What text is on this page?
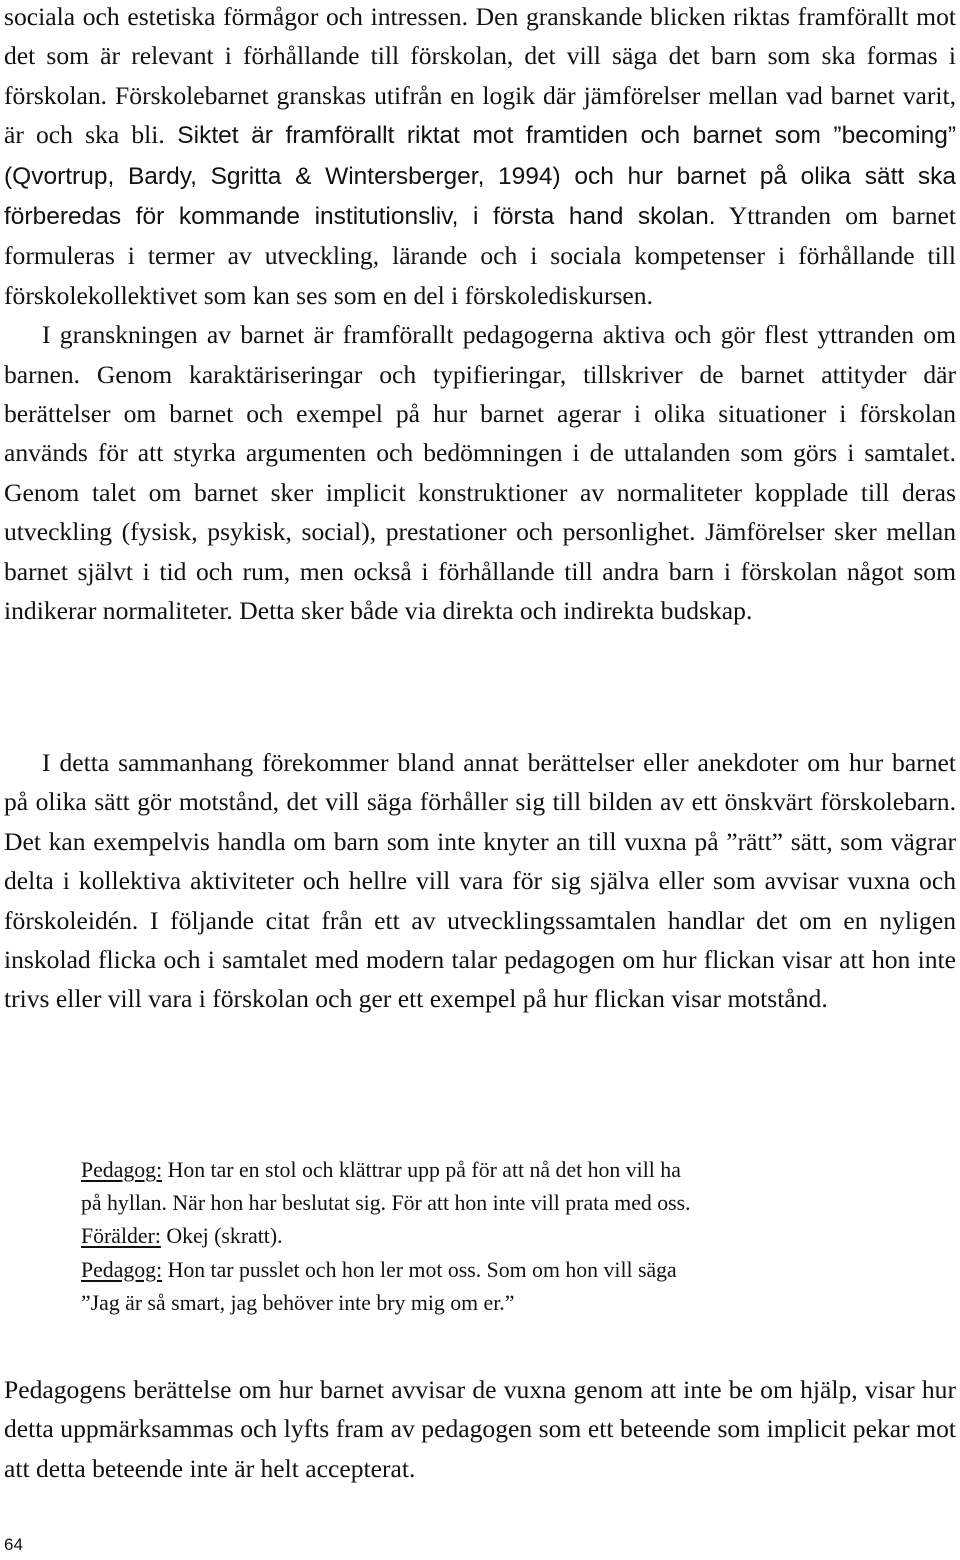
sociala och estetiska förmågor och intressen. Den granskande blicken riktas framförallt mot det som är relevant i förhållande till förskolan, det vill säga det barn som ska formas i förskolan. Förskolebarnet granskas utifrån en logik där jämförelser mellan vad barnet varit, är och ska bli. Siktet är framförallt riktat mot framtiden och barnet som ”becoming” (Qvortrup, Bardy, Sgritta & Wintersberger, 1994) och hur barnet på olika sätt ska förberedas för kommande institutionsliv, i första hand skolan. Yttranden om barnet formuleras i termer av utveckling, lärande och i sociala kompetenser i förhållande till förskolekollektivet som kan ses som en del i förskolediskursen.
I granskningen av barnet är framförallt pedagogerna aktiva och gör flest yttranden om barnen. Genom karaktäriseringar och typifieringar, tillskriver de barnet attityder där berättelser om barnet och exempel på hur barnet agerar i olika situationer i förskolan används för att styrka argumenten och bedömningen i de uttalanden som görs i samtalet. Genom talet om barnet sker implicit konstruktioner av normaliteter kopplade till deras utveckling (fysisk, psykisk, social), prestationer och personlighet. Jämförelser sker mellan barnet självt i tid och rum, men också i förhållande till andra barn i förskolan något som indikerar normaliteter. Detta sker både via direkta och indirekta budskap.

I detta sammanhang förekommer bland annat berättelser eller anekdoter om hur barnet på olika sätt gör motstånd, det vill säga förhåller sig till bilden av ett önskvärt förskolebarn. Det kan exempelvis handla om barn som inte knyter an till vuxna på ”rätt” sätt, som vägrar delta i kollektiva aktiviteter och hellre vill vara för sig själva eller som avvisar vuxna och förskoleidén. I följande citat från ett av utvecklingssamtalen handlar det om en nyligen inskolad flicka och i samtalet med modern talar pedagogen om hur flickan visar att hon inte trivs eller vill vara i förskolan och ger ett exempel på hur flickan visar motstånd.

Pedagog: Hon tar en stol och klättrar upp på för att nå det hon vill ha
på hyllan. När hon har beslutat sig. För att hon inte vill prata med oss.
Förälder: Okej (skratt).
Pedagog: Hon tar pusslet och hon ler mot oss. Som om hon vill säga
”Jag är så smart, jag behöver inte bry mig om er.”

Pedagogens berättelse om hur barnet avvisar de vuxna genom att inte be om hjälp, visar hur detta uppmärksammas och lyfts fram av pedagogen som ett beteende som implicit pekar mot att detta beteende inte är helt accepterat.

64
